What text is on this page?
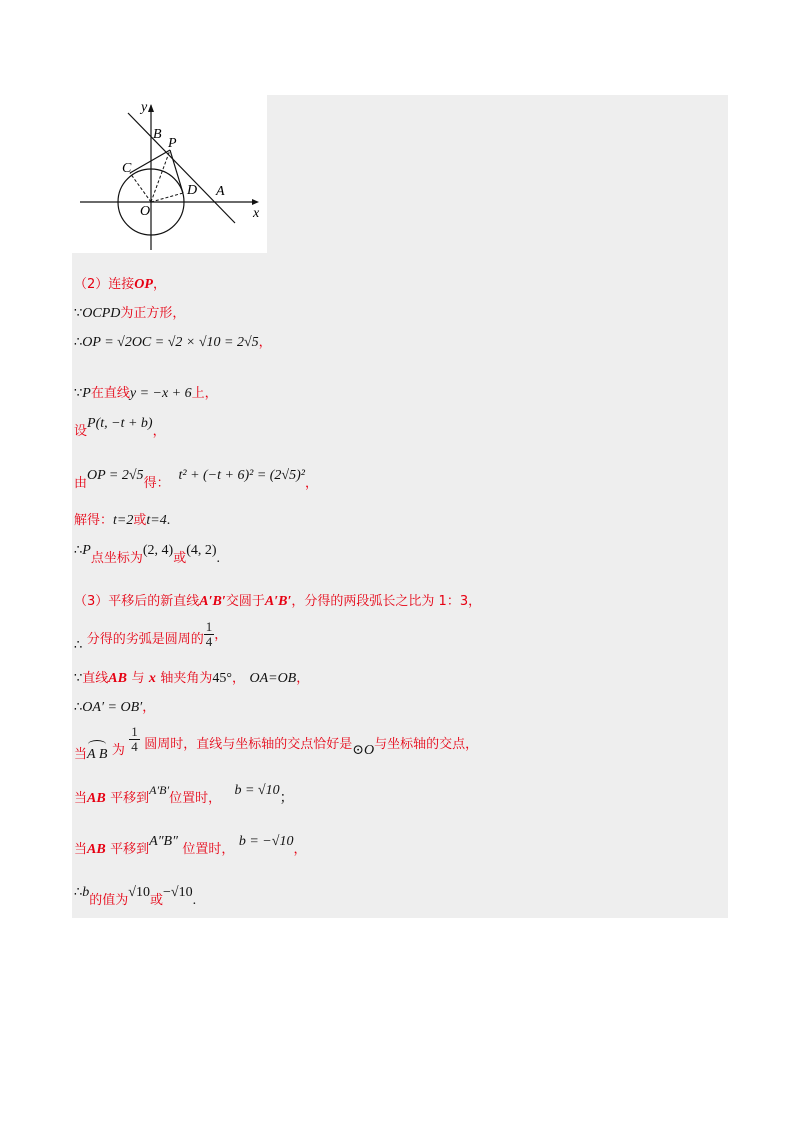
y
x
O
B
P
C
D A
（2）连接OP，
∵OCPD为正方形，
∴OP = √2OC = √2 × √10 = 2√5，
∵P在直线y = −x + 6上，
设P(t, −t + b)，
由OP = 2√5得：  t² + (−t + 6)² = (2√5)²，
解得：t=2或t=4.
∴P点坐标为(2, 4)或(4, 2).
（3）平移后的新直线A′B′交圆于A′B′，分得的两段弧长之比为 1：3，
∴ 分得的劣弧是圆周的 $\frac{1}{4}$ ，
∵直线AB 与 x 轴夹角为45°， OA=OB，
∴OA′ = OB′，
当A B 为 $\frac{1}{4}$ 圆周时，直线与坐标轴的交点恰好是⊙O与坐标轴的交点，
当AB 平移到A′B′位置时，   b = √10；
当AB 平移到A″B″ 位置时， b = −√10，
∴b的值为√10或−√10.
